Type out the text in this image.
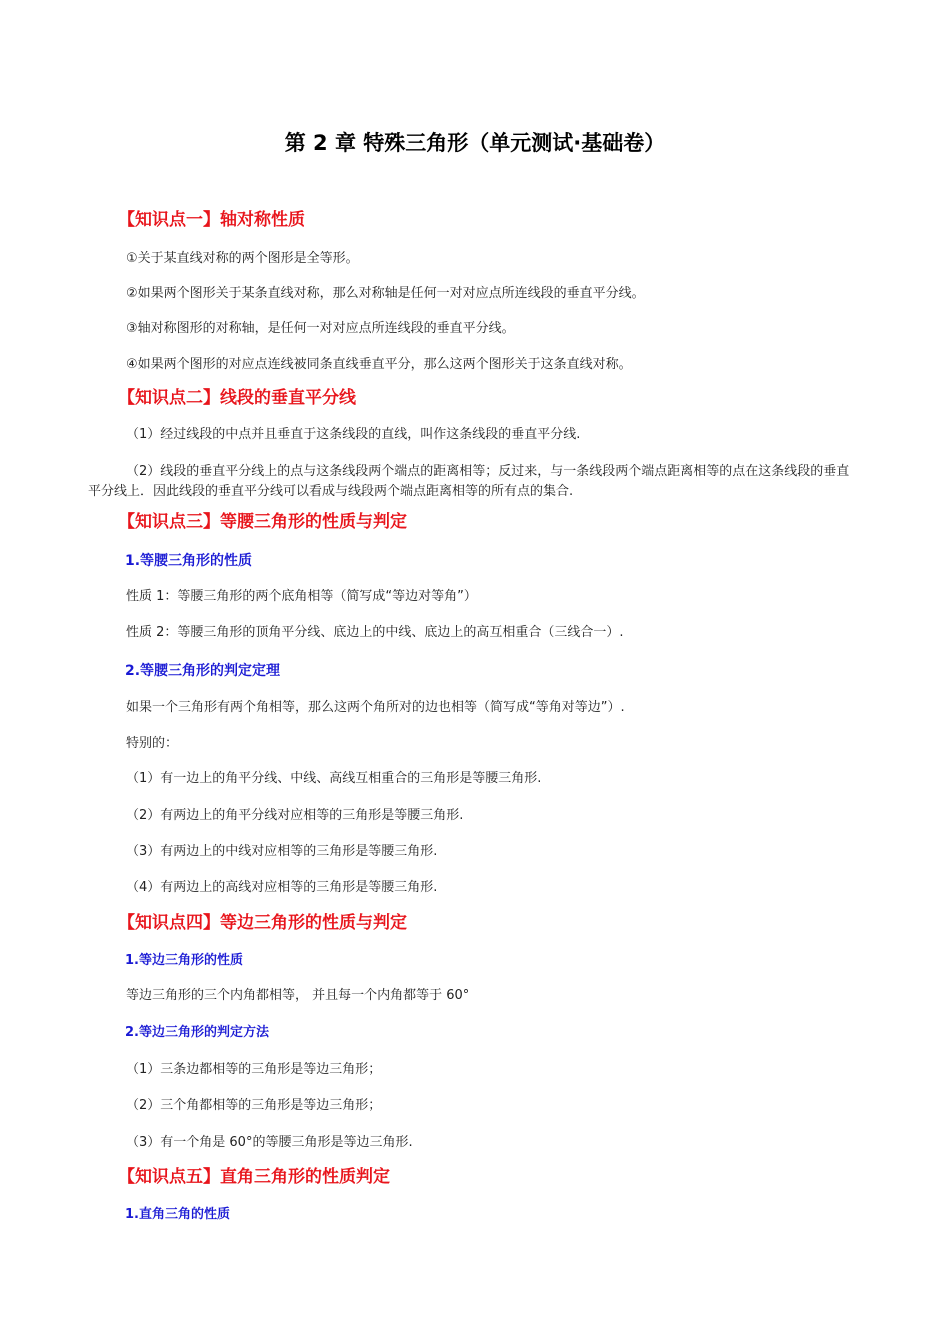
第 2 章 特殊三角形（单元测试·基础卷）
【知识点一】轴对称性质
①关于某直线对称的两个图形是全等形。
②如果两个图形关于某条直线对称，那么对称轴是任何一对对应点所连线段的垂直平分线。
③轴对称图形的对称轴，是任何一对对应点所连线段的垂直平分线。
④如果两个图形的对应点连线被同条直线垂直平分，那么这两个图形关于这条直线对称。
【知识点二】线段的垂直平分线
（1）经过线段的中点并且垂直于这条线段的直线，叫作这条线段的垂直平分线.
（2）线段的垂直平分线上的点与这条线段两个端点的距离相等；反过来，与一条线段两个端点距离相等的点在这条线段的垂直平分线上．因此线段的垂直平分线可以看成与线段两个端点距离相等的所有点的集合.
【知识点三】等腰三角形的性质与判定
1.等腰三角形的性质
性质 1：等腰三角形的两个底角相等（简写成“等边对等角”）
性质 2：等腰三角形的顶角平分线、底边上的中线、底边上的高互相重合（三线合一）.
2.等腰三角形的判定定理
如果一个三角形有两个角相等，那么这两个角所对的边也相等（简写成“等角对等边”）.
特别的：
（1）有一边上的角平分线、中线、高线互相重合的三角形是等腰三角形.
（2）有两边上的角平分线对应相等的三角形是等腰三角形.
（3）有两边上的中线对应相等的三角形是等腰三角形.
（4）有两边上的高线对应相等的三角形是等腰三角形.
【知识点四】等边三角形的性质与判定
1.等边三角形的性质
等边三角形的三个内角都相等， 并且每一个内角都等于 60°
2.等边三角形的判定方法
（1）三条边都相等的三角形是等边三角形；
（2）三个角都相等的三角形是等边三角形；
（3）有一个角是 60°的等腰三角形是等边三角形.
【知识点五】直角三角形的性质判定
1.直角三角的性质
